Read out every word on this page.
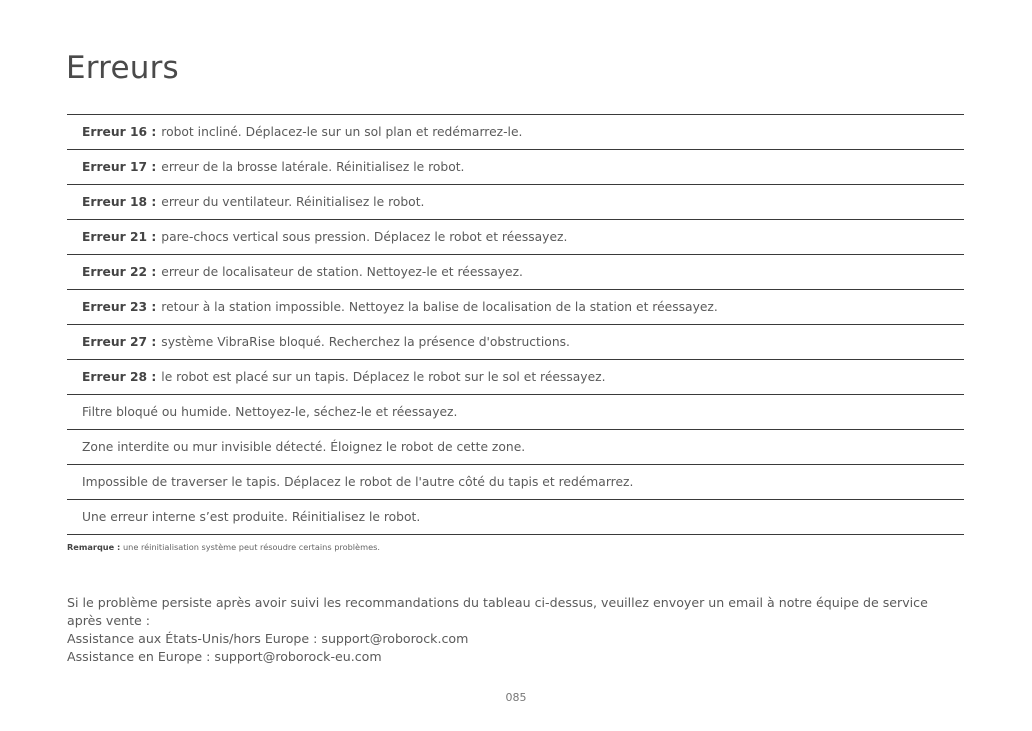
Erreurs
Erreur 16 : robot incliné. Déplacez-le sur un sol plan et redémarrez-le.
Erreur 17 : erreur de la brosse latérale. Réinitialisez le robot.
Erreur 18 : erreur du ventilateur. Réinitialisez le robot.
Erreur 21 : pare-chocs vertical sous pression. Déplacez le robot et réessayez.
Erreur 22 : erreur de localisateur de station. Nettoyez-le et réessayez.
Erreur 23 : retour à la station impossible. Nettoyez la balise de localisation de la station et réessayez.
Erreur 27 : système VibraRise bloqué. Recherchez la présence d'obstructions.
Erreur 28 : le robot est placé sur un tapis. Déplacez le robot sur le sol et réessayez.
Filtre bloqué ou humide. Nettoyez-le, séchez-le et réessayez.
Zone interdite ou mur invisible détecté. Éloignez le robot de cette zone.
Impossible de traverser le tapis. Déplacez le robot de l'autre côté du tapis et redémarrez.
Une erreur interne s’est produite. Réinitialisez le robot.
Remarque : une réinitialisation système peut résoudre certains problèmes.
Si le problème persiste après avoir suivi les recommandations du tableau ci-dessus, veuillez envoyer un email à notre équipe de service
après vente :
Assistance aux États-Unis/hors Europe : support@roborock.com
Assistance en Europe : support@roborock-eu.com
085
